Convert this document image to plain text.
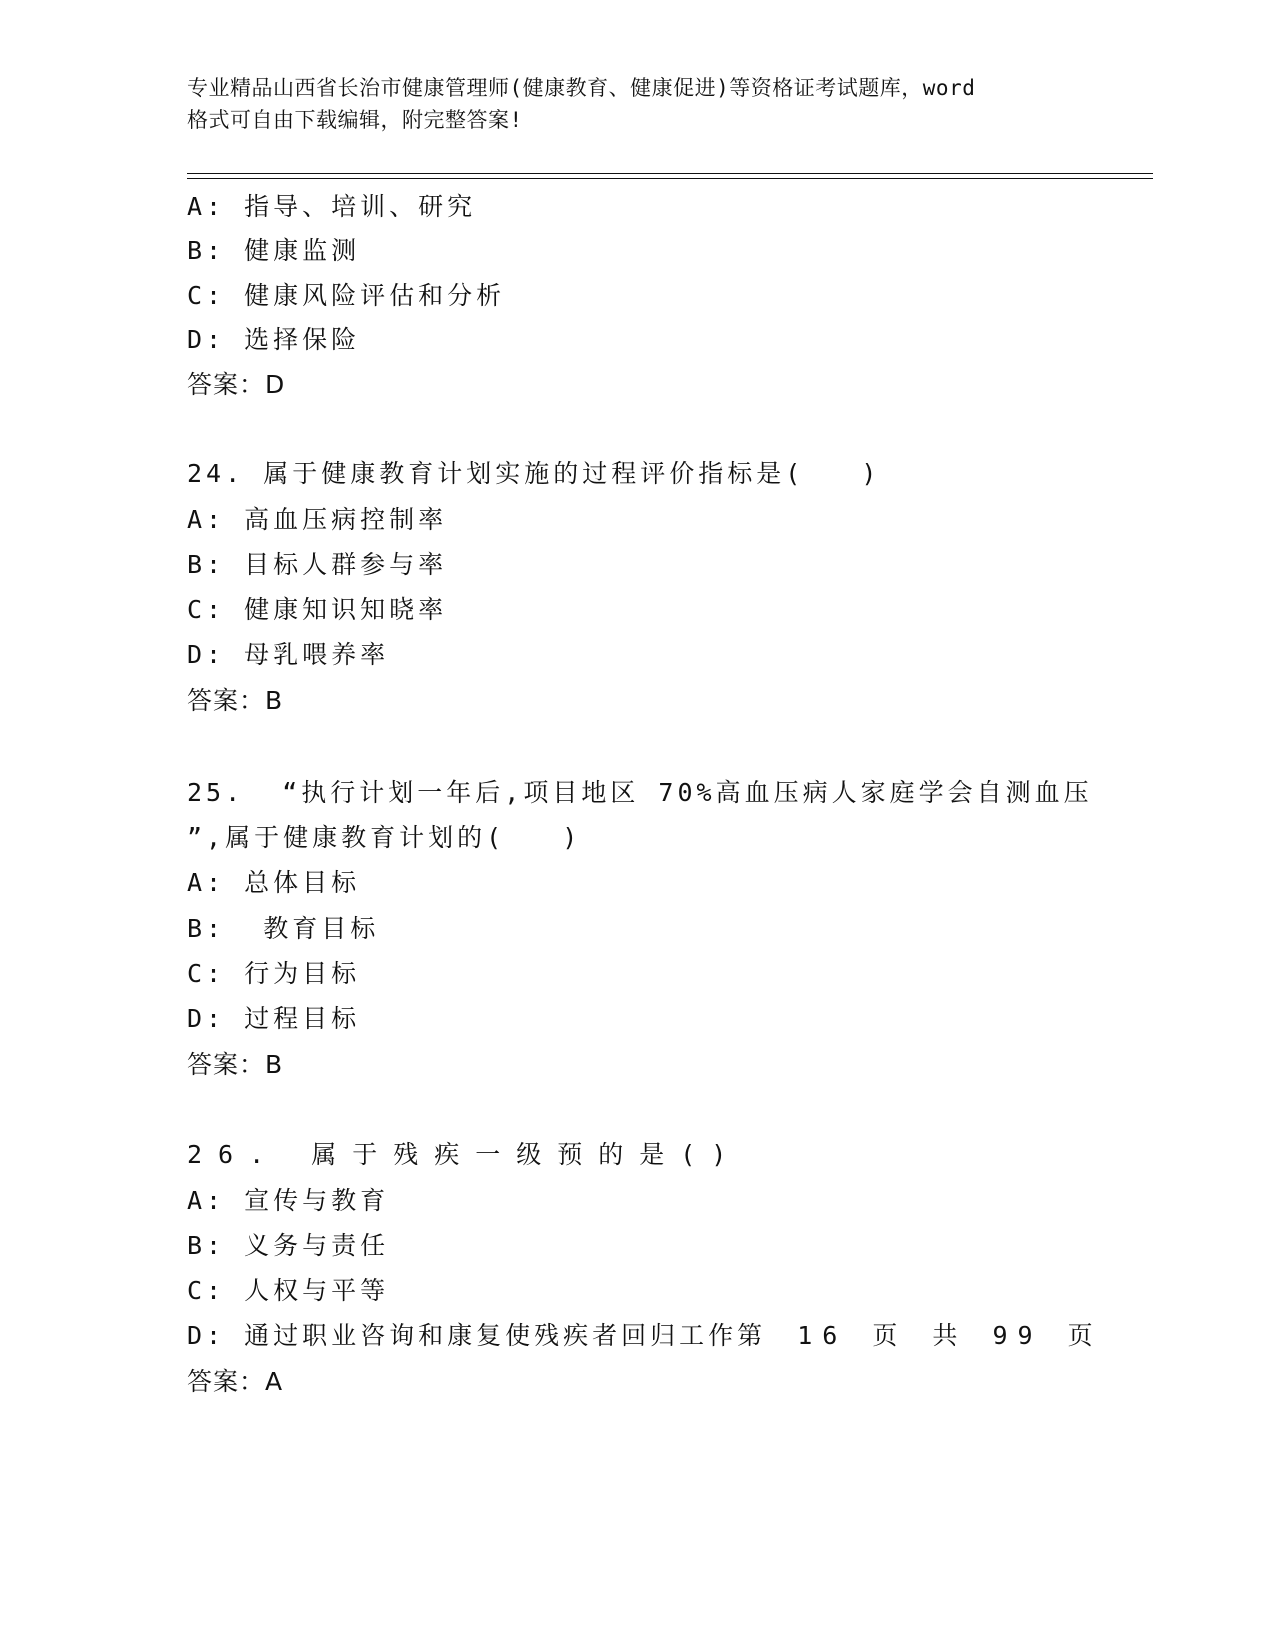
专业精品山西省长治市健康管理师(健康教育、健康促进)等资格证考试题库，word
格式可自由下载编辑，附完整答案!
A: 指导、培训、研究
B: 健康监测
C: 健康风险评估和分析
D: 选择保险
答案：D
24. 属于健康教育计划实施的过程评价指标是(   )
A: 高血压病控制率
B: 目标人群参与率
C: 健康知识知晓率
D: 母乳喂养率
答案：B
25.  “执行计划一年后,项目地区 70%高血压病人家庭学会自测血压
”,属于健康教育计划的(   )
A: 总体目标
B:  教育目标
C: 行为目标
D: 过程目标
答案：B
26. 属于残疾一级预的是()
A: 宣传与教育
B: 义务与责任
C: 人权与平等
D: 通过职业咨询和康复使残疾者回归工作第 16 页 共 99 页
答案：A
